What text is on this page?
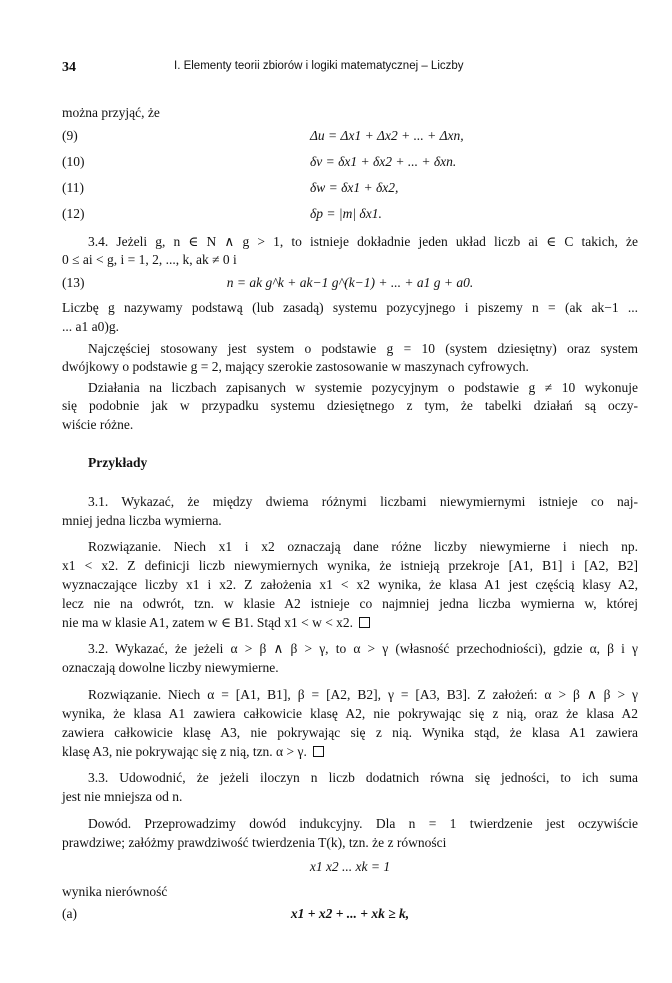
34	I. Elementy teorii zbiorów i logiki matematycznej – Liczby
można przyjąć, że
(9)	Δu = Δx1 + Δx2 + ... + Δxn,
(10)	δv = δx1 + δx2 + ... + δxn.
(11)	δw = δx1 + δx2,
(12)	δp = |m| δx1.
3.4. Jeżeli g, n ∈ N ∧ g > 1, to istnieje dokładnie jeden układ liczb ai ∈ C takich, że
0 ≤ ai < g, i = 1, 2, ..., k, ak ≠ 0 i
(13)	n = ak g^k + ak−1 g^(k−1) + ... + a1 g + a0.
Liczbę g nazywamy podstawą (lub zasadą) systemu pozycyjnego i piszemy n = (ak ak−1 ...
... a1 a0)g.
Najczęściej stosowany jest system o podstawie g = 10 (system dziesiętny) oraz system
dwójkowy o podstawie g = 2, mający szerokie zastosowanie w maszynach cyfrowych.
Działania na liczbach zapisanych w systemie pozycyjnym o podstawie g ≠ 10 wykonuje
się podobnie jak w przypadku systemu dziesiętnego z tym, że tabelki działań są oczy-
wiście różne.
Przykłady
3.1. Wykazać, że między dwiema różnymi liczbami niewymiernymi istnieje co naj-
mniej jedna liczba wymierna.
Rozwiązanie. Niech x1 i x2 oznaczają dane różne liczby niewymierne i niech np.
x1 < x2. Z definicji liczb niewymiernych wynika, że istnieją przekroje [A1, B1] i [A2, B2]
wyznaczające liczby x1 i x2. Z założenia x1 < x2 wynika, że klasa A1 jest częścią klasy A2,
lecz nie na odwrót, tzn. w klasie A2 istnieje co najmniej jedna liczba wymierna w, której
nie ma w klasie A1, zatem w ∈ B1. Stąd x1 < w < x2.
3.2. Wykazać, że jeżeli α > β ∧ β > γ, to α > γ (własność przechodniości), gdzie α, β i γ
oznaczają dowolne liczby niewymierne.
Rozwiązanie. Niech α = [A1, B1], β = [A2, B2], γ = [A3, B3]. Z założeń: α > β ∧ β > γ
wynika, że klasa A1 zawiera całkowicie klasę A2, nie pokrywając się z nią, oraz że klasa A2
zawiera całkowicie klasę A3, nie pokrywając się z nią. Wynika stąd, że klasa A1 zawiera
klasę A3, nie pokrywając się z nią, tzn. α > γ.
3.3. Udowodnić, że jeżeli iloczyn n liczb dodatnich równa się jedności, to ich suma
jest nie mniejsza od n.
Dowód. Przeprowadzimy dowód indukcyjny. Dla n = 1 twierdzenie jest oczywiście
prawdziwe; załóżmy prawdziwość twierdzenia T(k), tzn. że z równości
x1 x2 ... xk = 1
wynika nierówność
(a)	x1 + x2 + ... + xk ≥ k,
